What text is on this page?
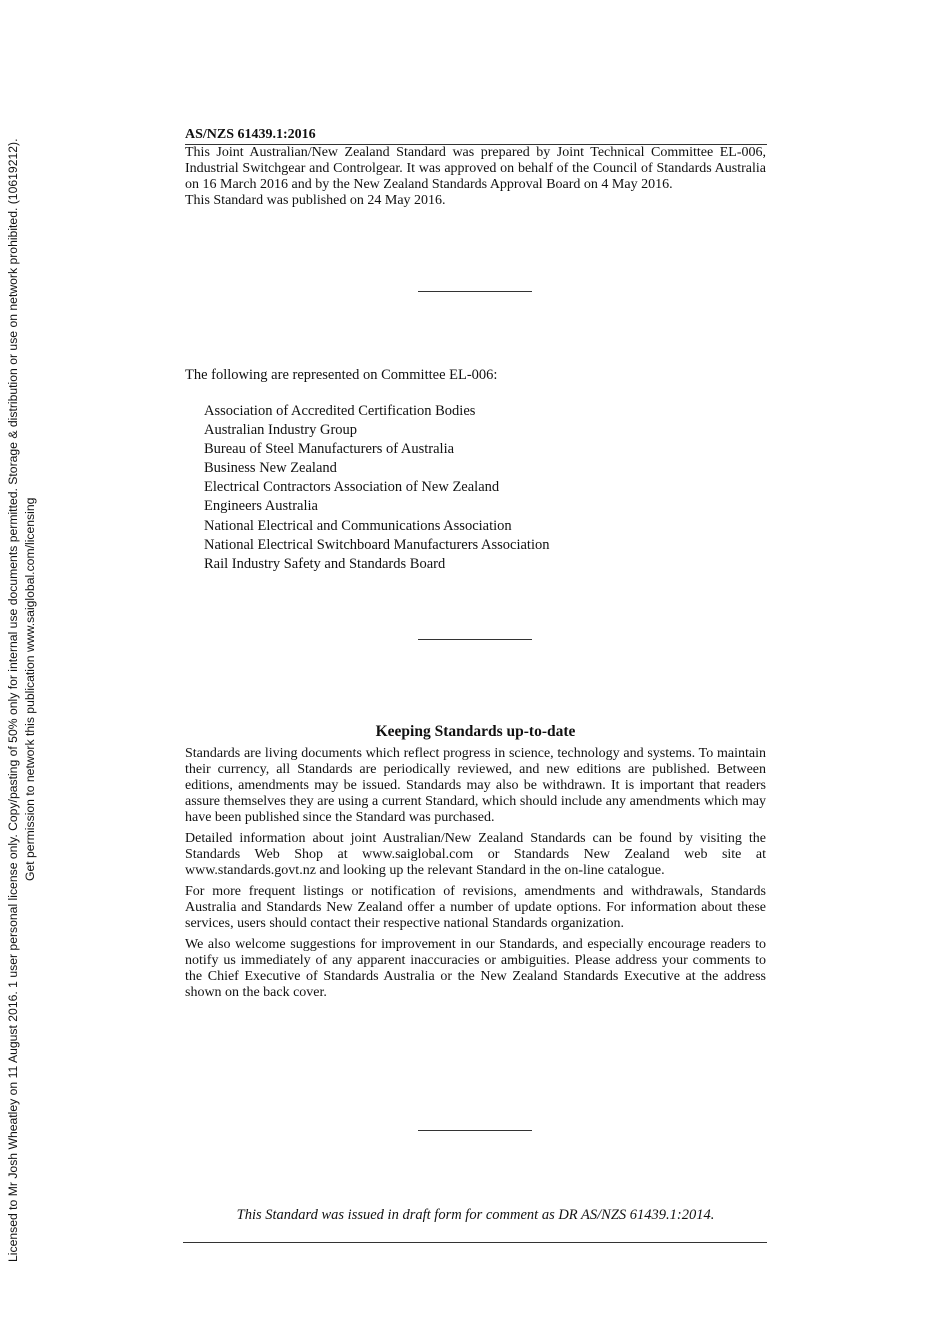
Licensed to Mr Josh Wheatley on 11 August 2016. 1 user personal license only. Copy/pasting of 50% only for internal use documents permitted. Storage & distribution or use on network prohibited. (10619212). Get permission to network this publication www.saiglobal.com/licensing
AS/NZS 61439.1:2016

This Joint Australian/New Zealand Standard was prepared by Joint Technical Committee EL-006, Industrial Switchgear and Controlgear. It was approved on behalf of the Council of Standards Australia on 16 March 2016 and by the New Zealand Standards Approval Board on 4 May 2016.

This Standard was published on 24 May 2016.

The following are represented on Committee EL-006:
Association of Accredited Certification Bodies
Australian Industry Group
Bureau of Steel Manufacturers of Australia
Business New Zealand
Electrical Contractors Association of New Zealand
Engineers Australia
National Electrical and Communications Association
National Electrical Switchboard Manufacturers Association
Rail Industry Safety and Standards Board
Keeping Standards up-to-date

Standards are living documents which reflect progress in science, technology and systems. To maintain their currency, all Standards are periodically reviewed, and new editions are published. Between editions, amendments may be issued. Standards may also be withdrawn. It is important that readers assure themselves they are using a current Standard, which should include any amendments which may have been published since the Standard was purchased.

Detailed information about joint Australian/New Zealand Standards can be found by visiting the Standards Web Shop at www.saiglobal.com or Standards New Zealand web site at www.standards.govt.nz and looking up the relevant Standard in the on-line catalogue.

For more frequent listings or notification of revisions, amendments and withdrawals, Standards Australia and Standards New Zealand offer a number of update options. For information about these services, users should contact their respective national Standards organization.

We also welcome suggestions for improvement in our Standards, and especially encourage readers to notify us immediately of any apparent inaccuracies or ambiguities. Please address your comments to the Chief Executive of Standards Australia or the New Zealand Standards Executive at the address shown on the back cover.

This Standard was issued in draft form for comment as DR AS/NZS 61439.1:2014.
